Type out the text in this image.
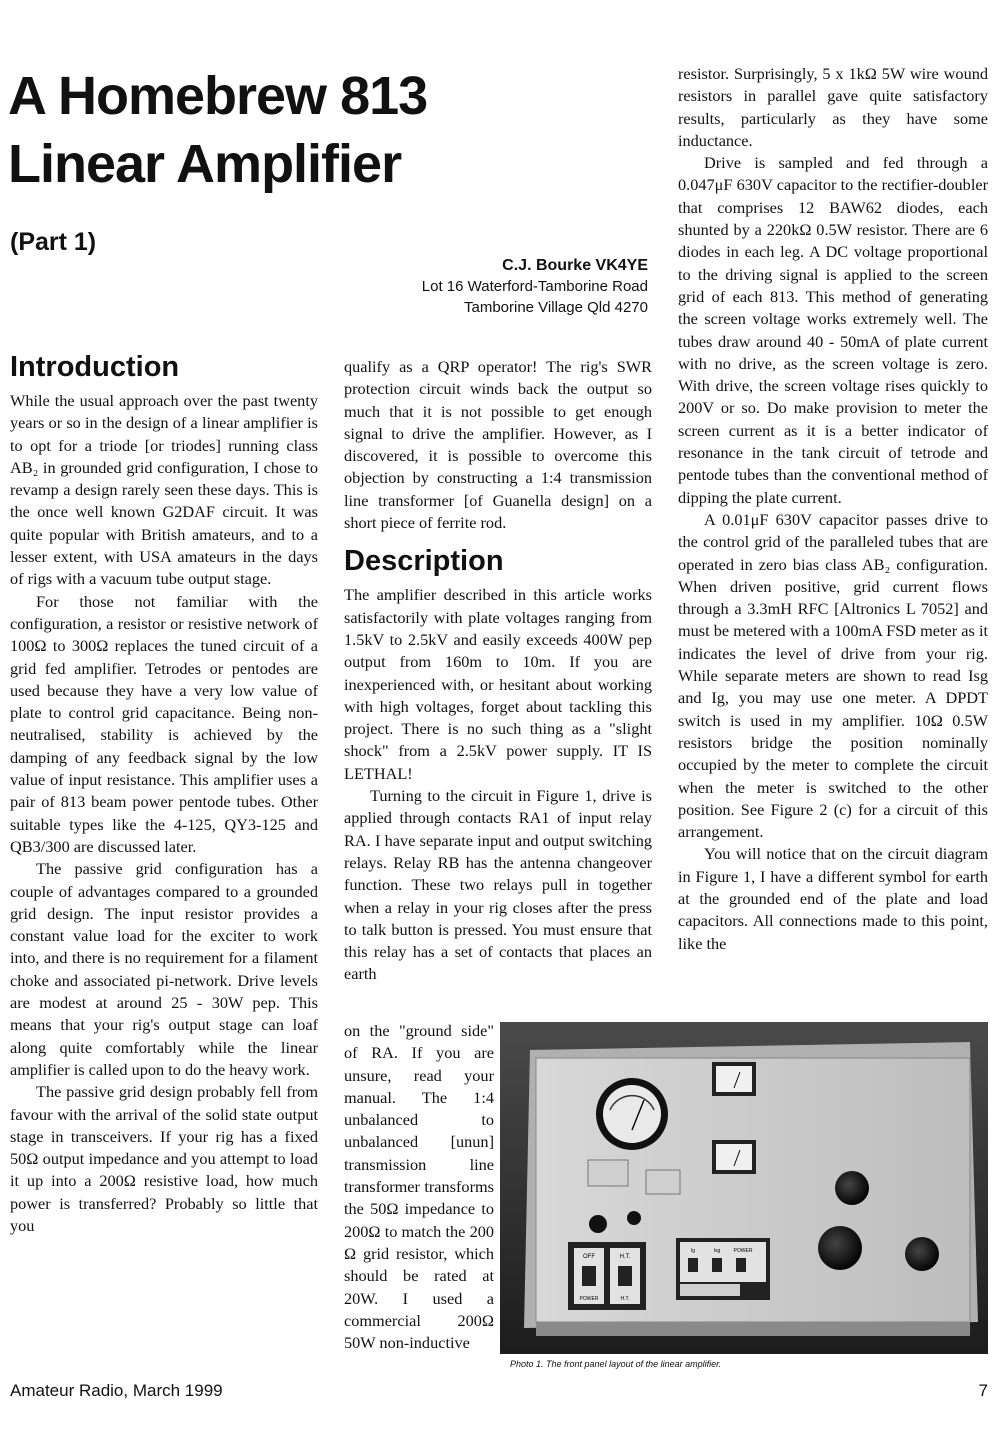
A Homebrew 813
Linear Amplifier
(Part 1)
C.J. Bourke VK4YE
Lot 16 Waterford-Tamborine Road
Tamborine Village Qld 4270
Introduction

While the usual approach over the past twenty years or so in the design of a linear amplifier is to opt for a triode [or triodes] running class AB₂ in grounded grid configuration, I chose to revamp a design rarely seen these days. This is the once well known G2DAF circuit. It was quite popular with British amateurs, and to a lesser extent, with USA amateurs in the days of rigs with a vacuum tube output stage.

For those not familiar with the configuration, a resistor or resistive network of 100Ω to 300Ω replaces the tuned circuit of a grid fed amplifier. Tetrodes or pentodes are used because they have a very low value of plate to control grid capacitance. Being non-neutralised, stability is achieved by the damping of any feedback signal by the low value of input resistance. This amplifier uses a pair of 813 beam power pentode tubes. Other suitable types like the 4-125, QY3-125 and QB3/300 are discussed later.

The passive grid configuration has a couple of advantages compared to a grounded grid design. The input resistor provides a constant value load for the exciter to work into, and there is no requirement for a filament choke and associated pi-network. Drive levels are modest at around 25 - 30W pep. This means that your rig's output stage can loaf along quite comfortably while the linear amplifier is called upon to do the heavy work.

The passive grid design probably fell from favour with the arrival of the solid state output stage in transceivers. If your rig has a fixed 50Ω output impedance and you attempt to load it up into a 200Ω resistive load, how much power is transferred? Probably so little that you

qualify as a QRP operator! The rig's SWR protection circuit winds back the output so much that it is not possible to get enough signal to drive the amplifier. However, as I discovered, it is possible to overcome this objection by constructing a 1:4 transmission line transformer [of Guanella design] on a short piece of ferrite rod.

Description

The amplifier described in this article works satisfactorily with plate voltages ranging from 1.5kV to 2.5kV and easily exceeds 400W pep output from 160m to 10m. If you are inexperienced with, or hesitant about working with high voltages, forget about tackling this project. There is no such thing as a "slight shock" from a 2.5kV power supply. IT IS LETHAL!

Turning to the circuit in Figure 1, drive is applied through contacts RA1 of input relay RA. I have separate input and output switching relays. Relay RB has the antenna changeover function. These two relays pull in together when a relay in your rig closes after the press to talk button is pressed. You must ensure that this relay has a set of contacts that places an earth

on the "ground side" of RA. If you are unsure, read your manual. The 1:4 unbalanced to unbalanced [unun] transmission line transformer transforms the 50Ω impedance to 200Ω to match the 200 Ω grid resistor, which should be rated at 20W. I used a commercial 200Ω 50W non-inductive

resistor. Surprisingly, 5 x 1kΩ 5W wire wound resistors in parallel gave quite satisfactory results, particularly as they have some inductance.

Drive is sampled and fed through a 0.047μF 630V capacitor to the rectifier-doubler that comprises 12 BAW62 diodes, each shunted by a 220kΩ 0.5W resistor. There are 6 diodes in each leg. A DC voltage proportional to the driving signal is applied to the screen grid of each 813. This method of generating the screen voltage works extremely well. The tubes draw around 40 - 50mA of plate current with no drive, as the screen voltage is zero. With drive, the screen voltage rises quickly to 200V or so. Do make provision to meter the screen current as it is a better indicator of resonance in the tank circuit of tetrode and pentode tubes than the conventional method of dipping the plate current.

A 0.01μF 630V capacitor passes drive to the control grid of the paralleled tubes that are operated in zero bias class AB₂ configuration. When driven positive, grid current flows through a 3.3mH RFC [Altronics L 7052] and must be metered with a 100mA FSD meter as it indicates the level of drive from your rig. While separate meters are shown to read Isg and Ig, you may use one meter. A DPDT switch is used in my amplifier. 10Ω 0.5W resistors bridge the position nominally occupied by the meter to complete the circuit when the meter is switched to the other position. See Figure 2 (c) for a circuit of this arrangement.

You will notice that on the circuit diagram in Figure 1, I have a different symbol for earth at the grounded end of the plate and load capacitors. All connections made to this point, like the

OFF
POWER
H.T.
H.T.
Ig	Isg	POWER
Photo 1. The front panel layout of the linear amplifier.
Amateur Radio, March 1999	7
